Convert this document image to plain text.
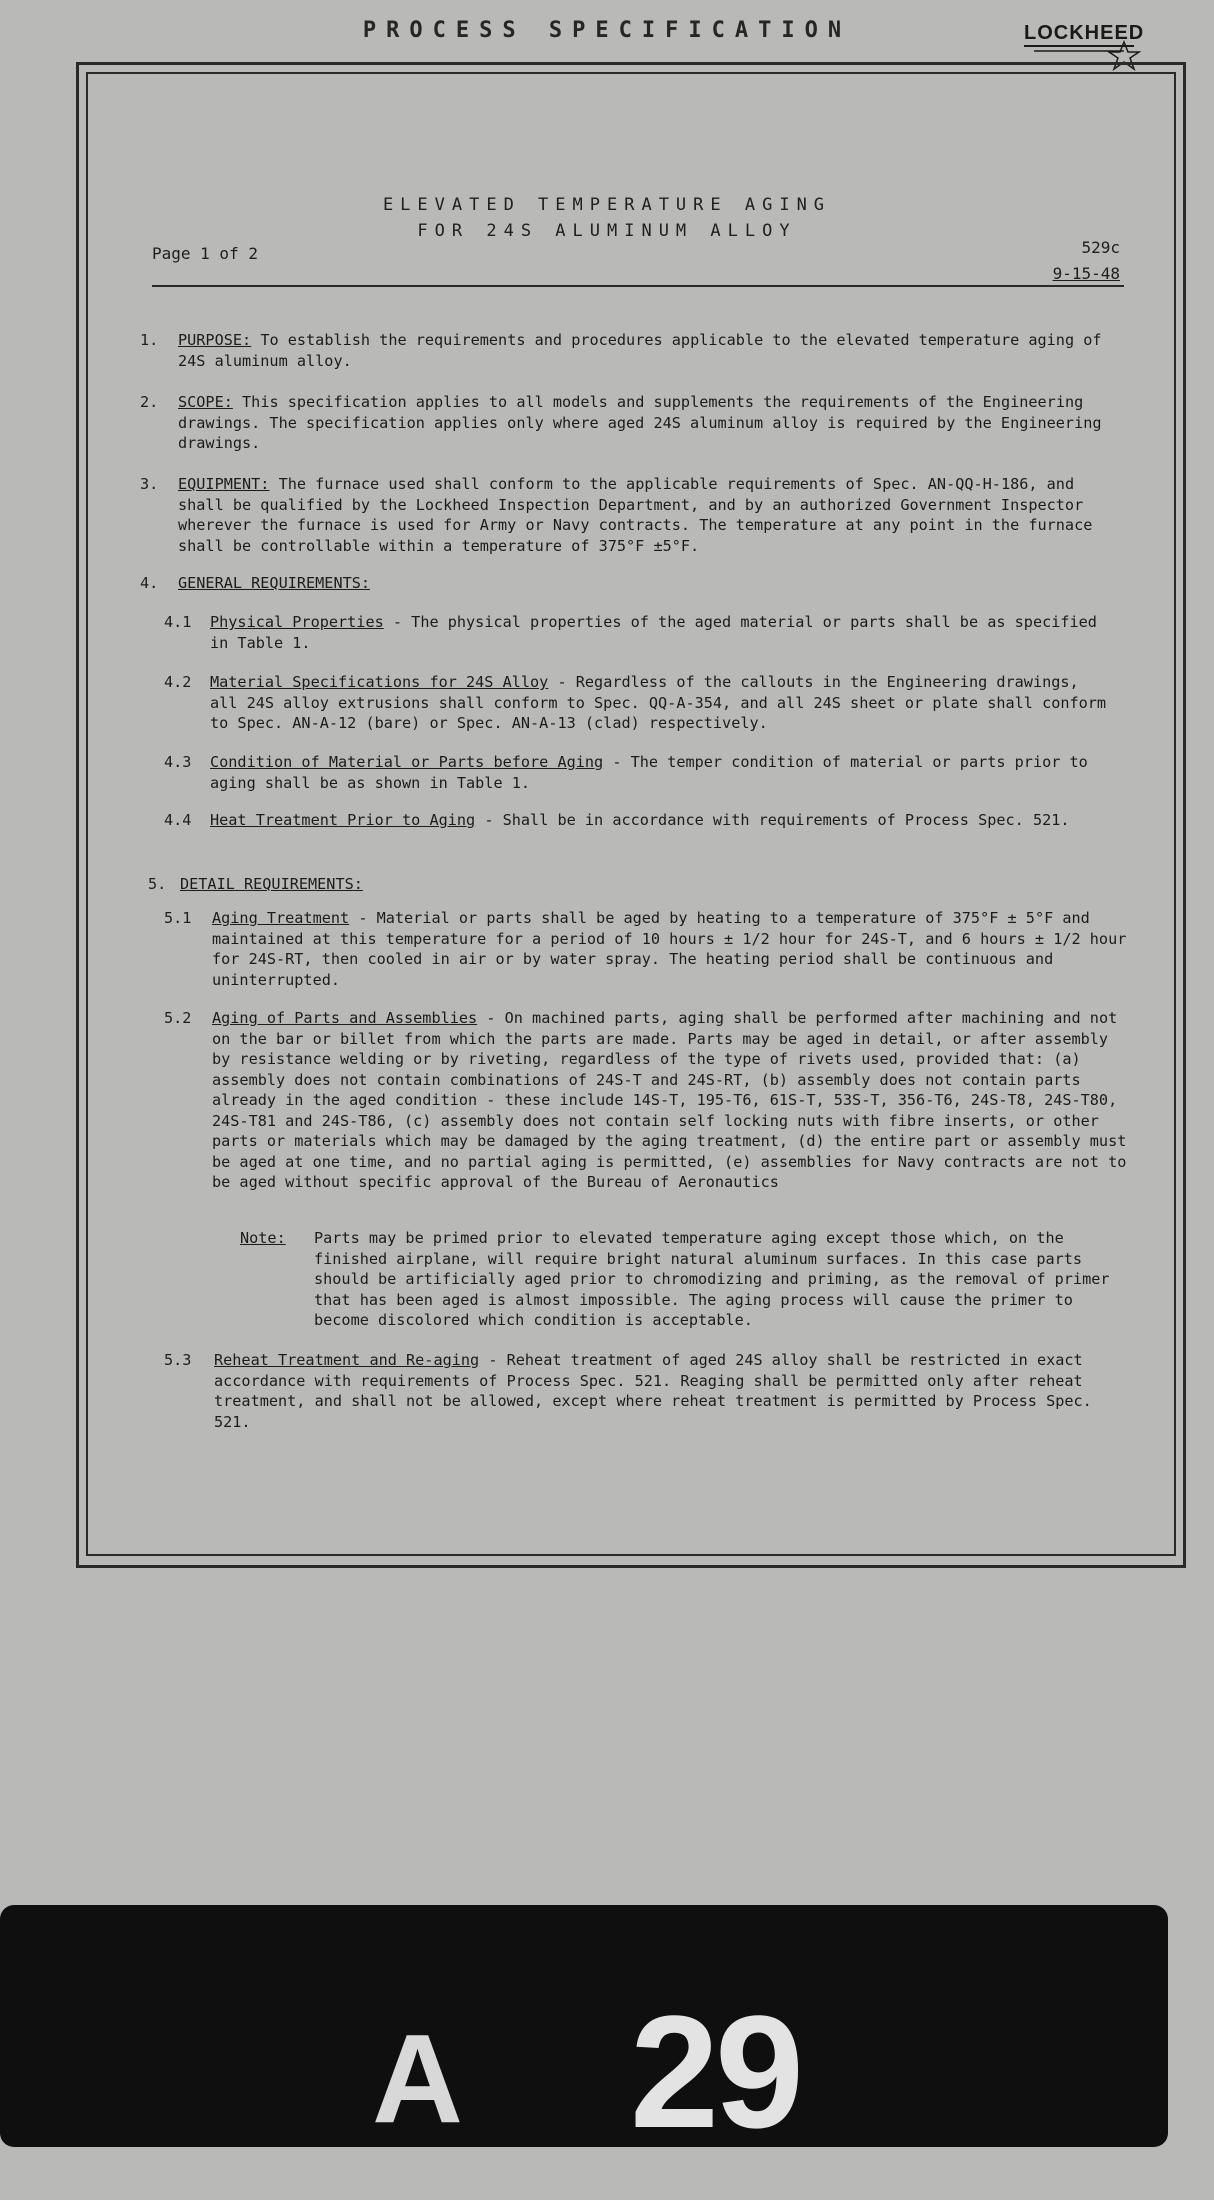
PROCESS SPECIFICATION	LOCKHEED
ELEVATED TEMPERATURE AGING
FOR 24S ALUMINUM ALLOY
Page 1 of 2	529c
9-15-48
1. PURPOSE: To establish the requirements and procedures applicable to the elevated temperature aging of 24S aluminum alloy.
2. SCOPE: This specification applies to all models and supplements the requirements of the Engineering drawings. The specification applies only where aged 24S aluminum alloy is required by the Engineering drawings.
3. EQUIPMENT: The furnace used shall conform to the applicable requirements of Spec. AN-QQ-H-186, and shall be qualified by the Lockheed Inspection Department, and by an authorized Government Inspector wherever the furnace is used for Army or Navy contracts. The temperature at any point in the furnace shall be controllable within a temperature of 375°F ±5°F.
4. GENERAL REQUIREMENTS:
4.1 Physical Properties - The physical properties of the aged material or parts shall be as specified in Table 1.
4.2 Material Specifications for 24S Alloy - Regardless of the callouts in the Engineering drawings, all 24S alloy extrusions shall conform to Spec. QQ-A-354, and all 24S sheet or plate shall conform to Spec. AN-A-12 (bare) or Spec. AN-A-13 (clad) respectively.
4.3 Condition of Material or Parts before Aging - The temper condition of material or parts prior to aging shall be as shown in Table 1.
4.4 Heat Treatment Prior to Aging - Shall be in accordance with requirements of Process Spec. 521.
5. DETAIL REQUIREMENTS:
5.1 Aging Treatment - Material or parts shall be aged by heating to a temperature of 375°F ± 5°F and maintained at this temperature for a period of 10 hours ± 1/2 hour for 24S-T, and 6 hours ± 1/2 hour for 24S-RT, then cooled in air or by water spray. The heating period shall be continuous and uninterrupted.
5.2 Aging of Parts and Assemblies - On machined parts, aging shall be performed after machining and not on the bar or billet from which the parts are made. Parts may be aged in detail, or after assembly by resistance welding or by riveting, regardless of the type of rivets used, provided that: (a) assembly does not contain combinations of 24S-T and 24S-RT, (b) assembly does not contain parts already in the aged condition - these include 14S-T, 195-T6, 61S-T, 53S-T, 356-T6, 24S-T8, 24S-T80, 24S-T81 and 24S-T86, (c) assembly does not contain self locking nuts with fibre inserts, or other parts or materials which may be damaged by the aging treatment, (d) the entire part or assembly must be aged at one time, and no partial aging is permitted, (e) assemblies for Navy contracts are not to be aged without specific approval of the Bureau of Aeronautics
Note:	Parts may be primed prior to elevated temperature aging except those which, on the finished airplane, will require bright natural aluminum surfaces. In this case parts should be artificially aged prior to chromodizing and priming, as the removal of primer that has been aged is almost impossible. The aging process will cause the primer to become discolored which condition is acceptable.
5.3 Reheat Treatment and Re-aging - Reheat treatment of aged 24S alloy shall be restricted in exact accordance with requirements of Process Spec. 521. Reaging shall be permitted only after reheat treatment, and shall not be allowed, except where reheat treatment is permitted by Process Spec. 521.
A 29
